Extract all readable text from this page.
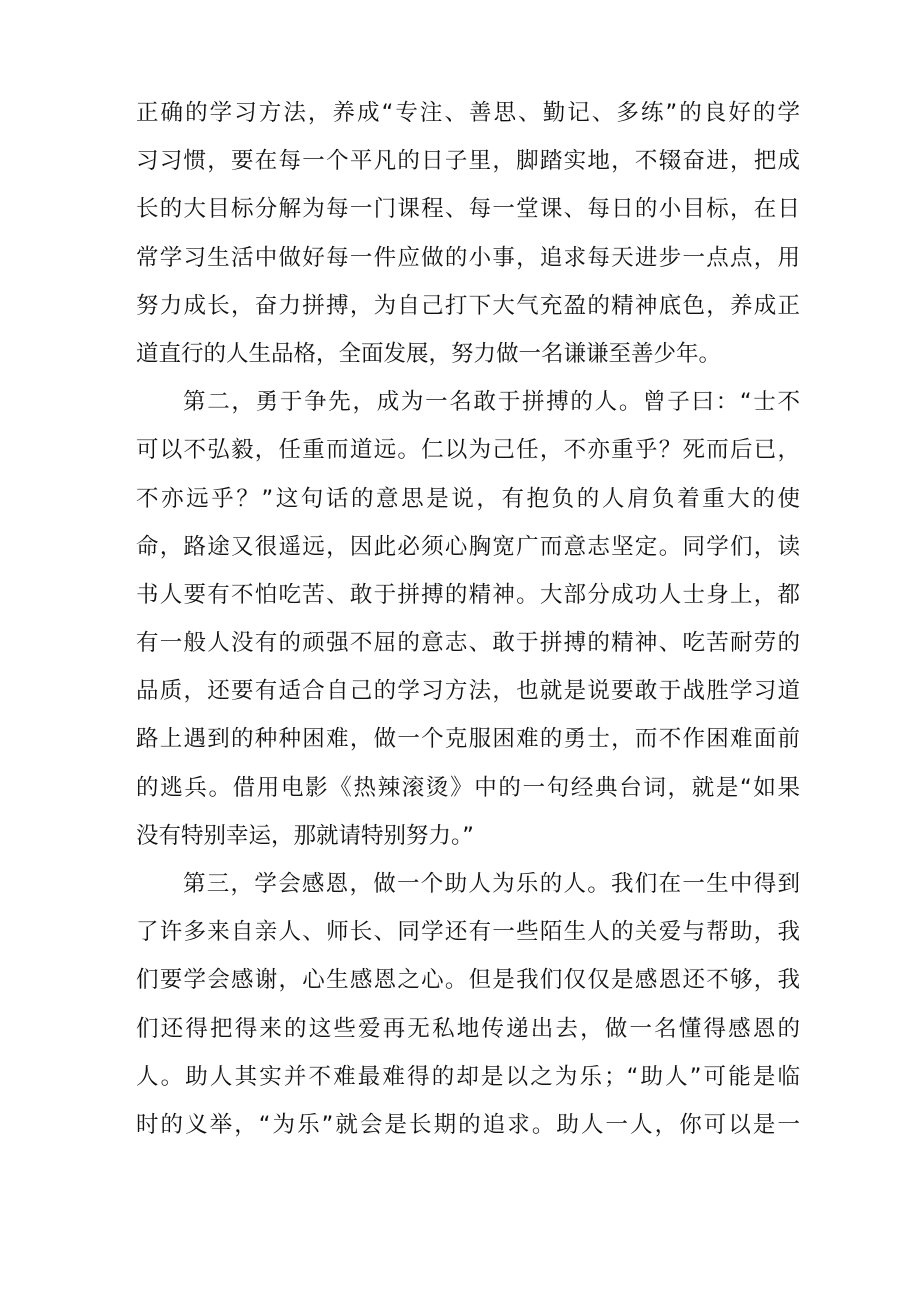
正确的学习方法，养成“专注、善思、勤记、多练”的良好的学
习习惯，要在每一个平凡的日子里，脚踏实地，不辍奋进，把成
长的大目标分解为每一门课程、每一堂课、每日的小目标，在日
常学习生活中做好每一件应做的小事，追求每天进步一点点，用
努力成长，奋力拼搏，为自己打下大气充盈的精神底色，养成正
道直行的人生品格，全面发展，努力做一名谦谦至善少年。
第二，勇于争先，成为一名敢于拼搏的人。曾子曰：“士不
可以不弘毅，任重而道远。仁以为己任，不亦重乎？死而后已，
不亦远乎？”这句话的意思是说，有抱负的人肩负着重大的使
命，路途又很遥远，因此必须心胸宽广而意志坚定。同学们，读
书人要有不怕吃苦、敢于拼搏的精神。大部分成功人士身上，都
有一般人没有的顽强不屈的意志、敢于拼搏的精神、吃苦耐劳的
品质，还要有适合自己的学习方法，也就是说要敢于战胜学习道
路上遇到的种种困难，做一个克服困难的勇士，而不作困难面前
的逃兵。借用电影《热辣滚烫》中的一句经典台词，就是“如果
没有特别幸运，那就请特别努力。”
第三，学会感恩，做一个助人为乐的人。我们在一生中得到
了许多来自亲人、师长、同学还有一些陌生人的关爱与帮助，我
们要学会感谢，心生感恩之心。但是我们仅仅是感恩还不够，我
们还得把得来的这些爱再无私地传递出去，做一名懂得感恩的
人。助人其实并不难最难得的却是以之为乐；“助人”可能是临
时的义举，“为乐”就会是长期的追求。助人一人，你可以是一
